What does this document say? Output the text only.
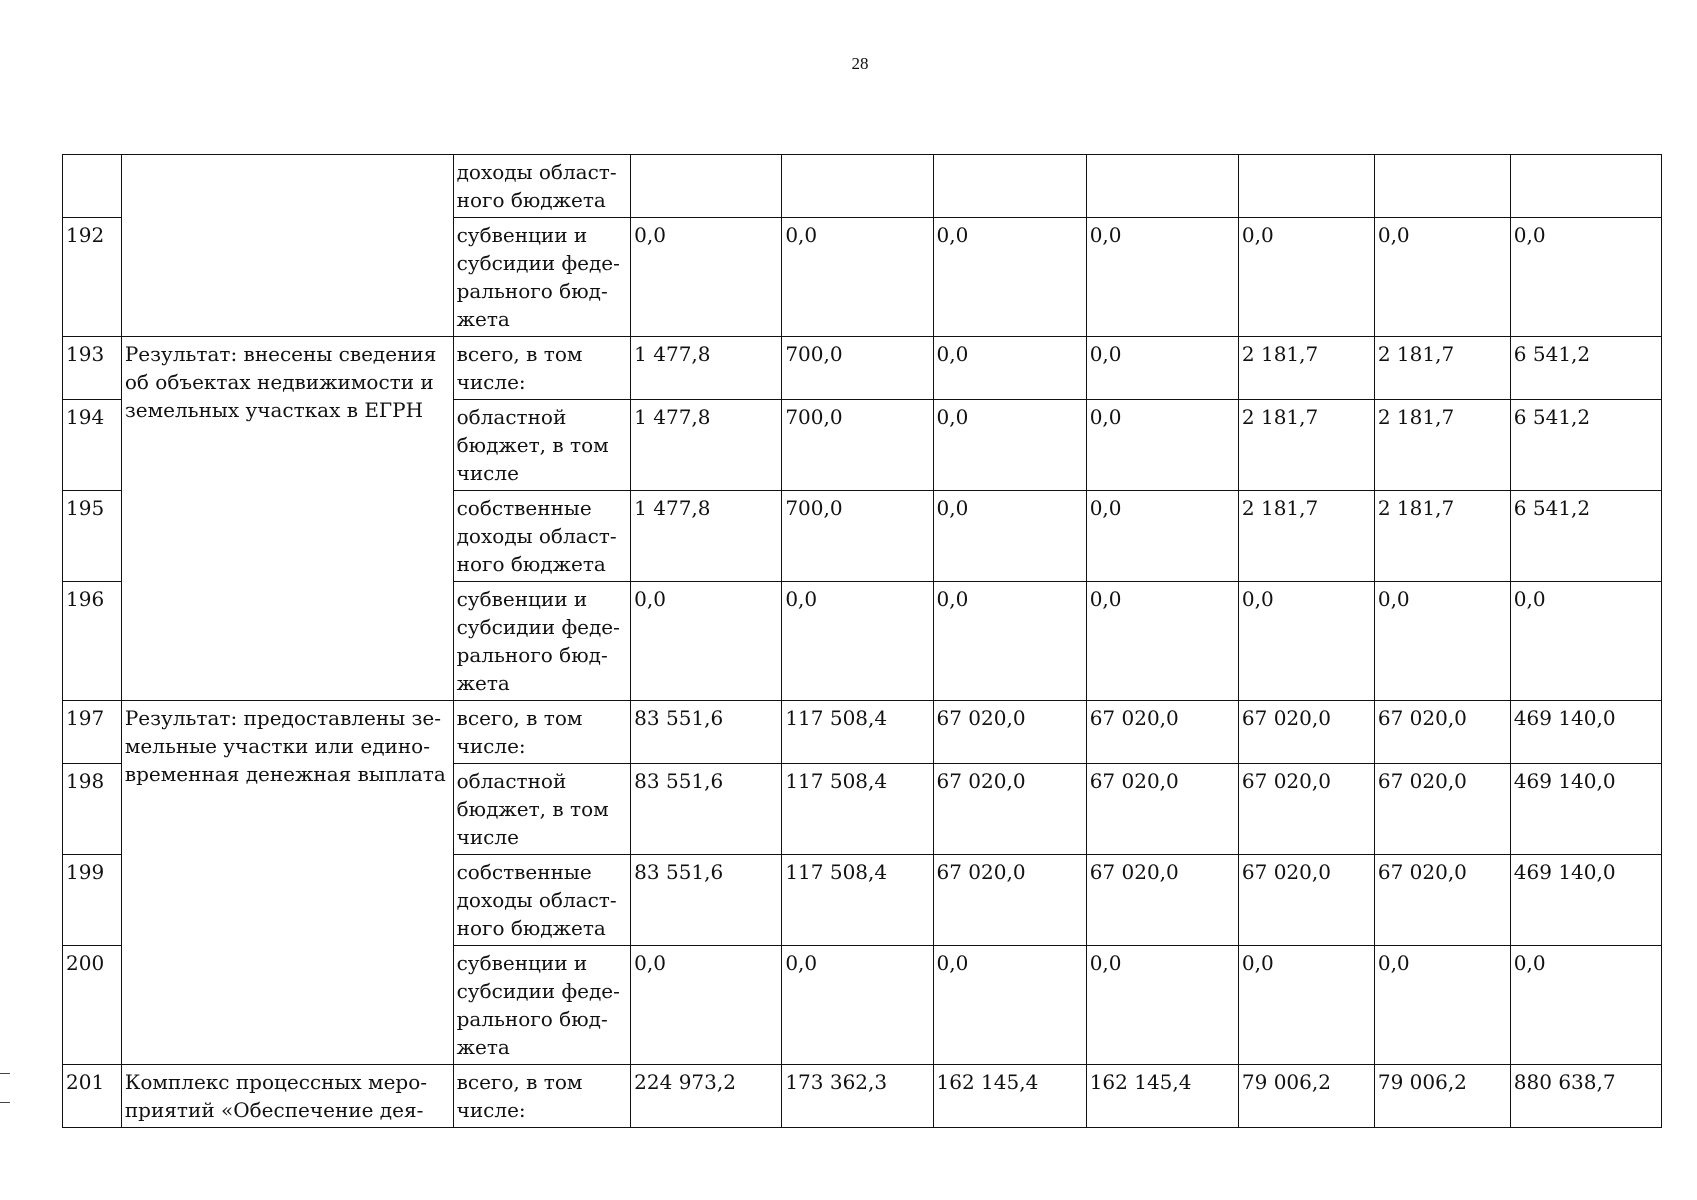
28
		доходы област-
ного бюджета							
192		субвенции и субсидии феде-
рального бюд-
жета	0,0	0,0	0,0	0,0	0,0	0,0	0,0
193	Результат: внесены сведения об объектах недвижимости и земельных участках в ЕГРН	всего, в том числе:	1 477,8	700,0	0,0	0,0	2 181,7	2 181,7	6 541,2
194		областной бюджет, в том числе	1 477,8	700,0	0,0	0,0	2 181,7	2 181,7	6 541,2
195		собственные доходы област-
ного бюджета	1 477,8	700,0	0,0	0,0	2 181,7	2 181,7	6 541,2
196		субвенции и субсидии феде-
рального бюд-
жета	0,0	0,0	0,0	0,0	0,0	0,0	0,0
197	Результат: предоставлены зе-
мельные участки или едино-
временная денежная выплата	всего, в том числе:	83 551,6	117 508,4	67 020,0	67 020,0	67 020,0	67 020,0	469 140,0
198		областной бюджет, в том числе	83 551,6	117 508,4	67 020,0	67 020,0	67 020,0	67 020,0	469 140,0
199		собственные доходы област-
ного бюджета	83 551,6	117 508,4	67 020,0	67 020,0	67 020,0	67 020,0	469 140,0
200		субвенции и субсидии феде-
рального бюд-
жета	0,0	0,0	0,0	0,0	0,0	0,0	0,0
201	Комплекс процессных меро-
приятий «Обеспечение дея-	всего, в том числе:	224 973,2	173 362,3	162 145,4	162 145,4	79 006,2	79 006,2	880 638,7
